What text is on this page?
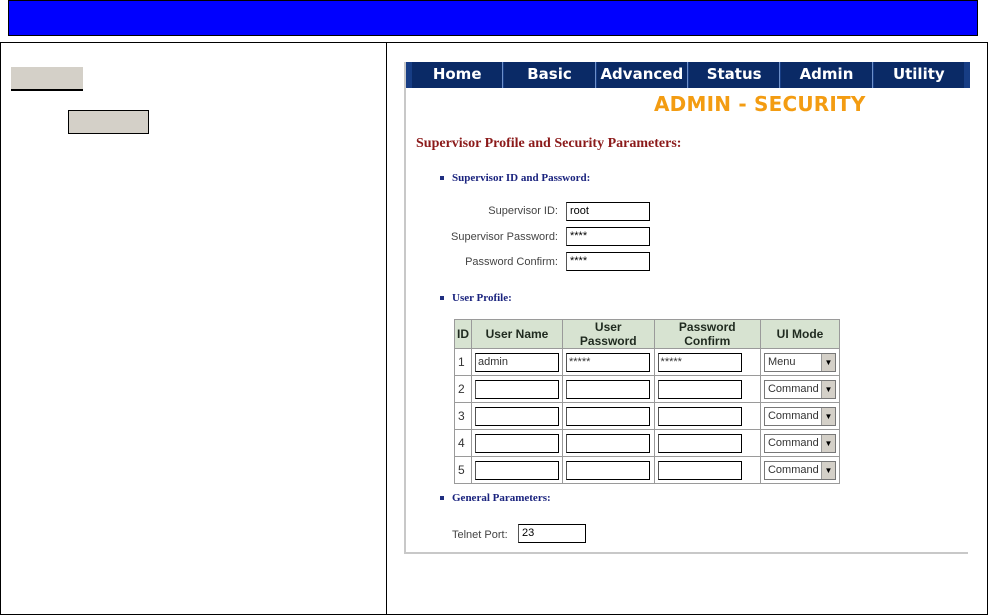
Home	Basic	Advanced	Status	Admin	Utility
ADMIN - SECURITY
Supervisor Profile and Security Parameters:
Supervisor ID and Password:
Supervisor ID:	root
Supervisor Password:	****
Password Confirm:	****
User Profile:
ID	User Name	User Password	Password Confirm	UI Mode
1	admin	*****	*****	Menu ▼

2				Command ▼

3				Command ▼

4				Command ▼

5				Command ▼
General Parameters:
Telnet Port:	23
